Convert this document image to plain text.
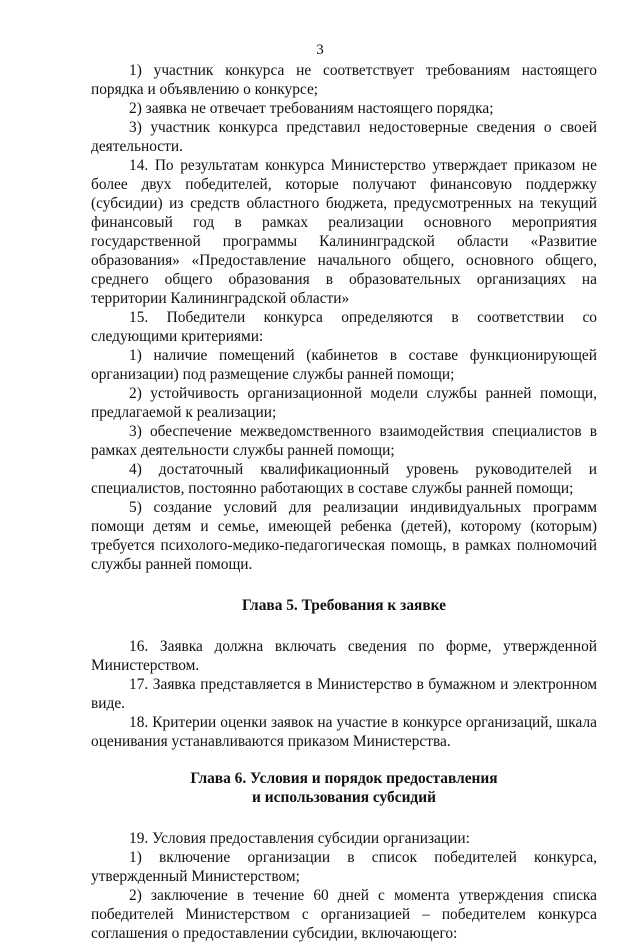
3

1) участник конкурса не соответствует требованиям настоящего порядка и объявлению о конкурсе;

2) заявка не отвечает требованиям настоящего порядка;

3) участник конкурса представил недостоверные сведения о своей деятельности.

14. По результатам конкурса Министерство утверждает приказом не более двух победителей, которые получают финансовую поддержку (субсидии) из средств областного бюджета, предусмотренных на текущий финансовый год в рамках реализации основного мероприятия государственной программы Калининградской области «Развитие образования» «Предоставление начального общего, основного общего, среднего общего образования в образовательных организациях на территории Калининградской области»

15. Победители конкурса определяются в соответствии со следующими критериями:

1) наличие помещений (кабинетов в составе функционирующей организации) под размещение службы ранней помощи;

2) устойчивость организационной модели службы ранней помощи, предлагаемой к реализации;

3) обеспечение межведомственного взаимодействия специалистов в рамках деятельности службы ранней помощи;

4) достаточный квалификационный уровень руководителей и специалистов, постоянно работающих в составе службы ранней помощи;

5) создание условий для реализации индивидуальных программ помощи детям и семье, имеющей ребенка (детей), которому (которым) требуется психолого-медико-педагогическая помощь, в рамках полномочий службы ранней помощи.

Глава 5. Требования к заявке

16. Заявка должна включать сведения по форме, утвержденной Министерством.

17. Заявка представляется в Министерство в бумажном и электронном виде.

18. Критерии оценки заявок на участие в конкурсе организаций, шкала оценивания устанавливаются приказом Министерства.

Глава 6. Условия и порядок предоставления

и использования субсидий

19. Условия предоставления субсидии организации:

1) включение организации в список победителей конкурса, утвержденный Министерством;

2) заключение в течение 60 дней с момента утверждения списка победителей Министерством с организацией – победителем конкурса соглашения о предоставлении субсидии, включающего:
